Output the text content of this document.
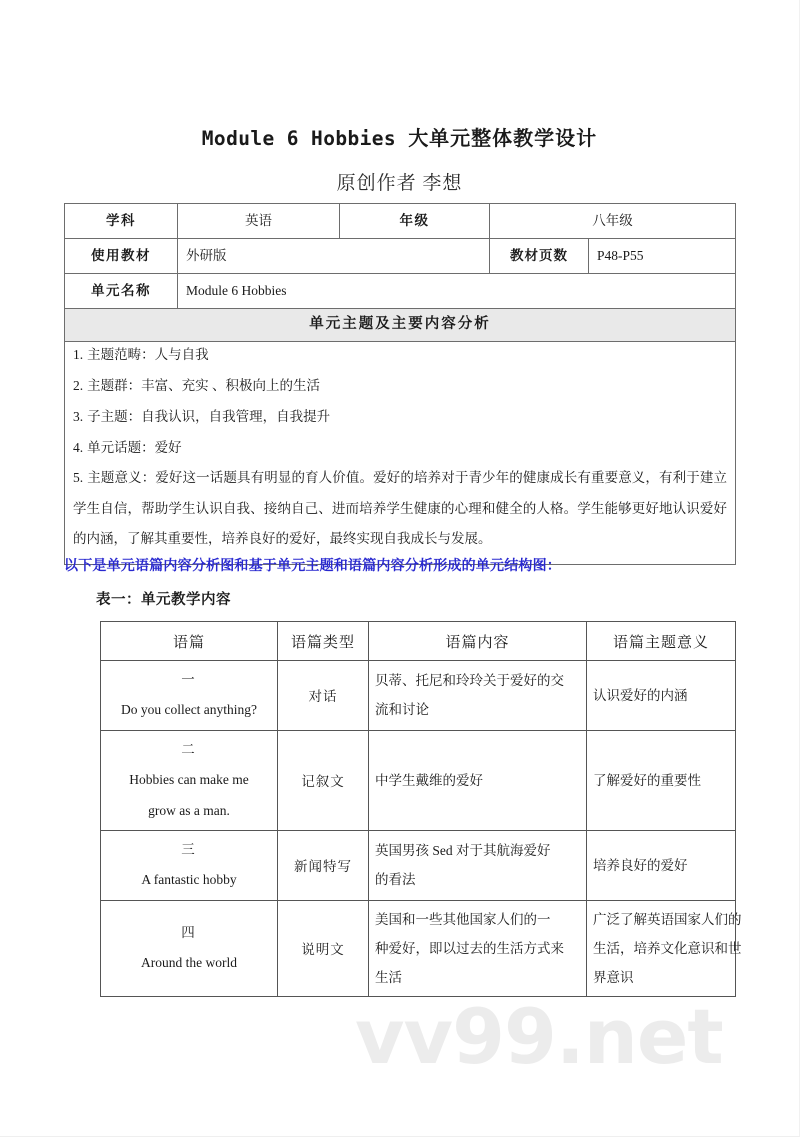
vv99.net
Module 6 Hobbies 大单元整体教学设计
原创作者 李想
学科	英语	年级	八年级
使用教材	外研版		教材页数	P48-P55

单元名称	Module 6 Hobbies
单元主题及主要内容分析

1. 主题范畴：人与自我

2. 主题群：丰富、充实 、积极向上的生活

3. 子主题：自我认识，自我管理，自我提升

4. 单元话题：爱好

5. 主题意义：爱好这一话题具有明显的育人价值。爱好的培养对于青少年的健康成长有重要意义，有利于建立学生自信，帮助学生认识自我、接纳自己、进而培养学生健康的心理和健全的人格。学生能够更好地认识爱好的内涵，了解其重要性，培养良好的爱好，最终实现自我成长与发展。

以下是单元语篇内容分析图和基于单元主题和语篇内容分析形成的单元结构图：
表一：单元教学内容
语篇	语篇类型	语篇内容	语篇主题意义

一
Do you collect anything?	对话	贝蒂、托尼和玲玲关于爱好的交
流和讨论	认识爱好的内涵

二
Hobbies can make me
grow as a man.	记叙文	中学生戴维的爱好	了解爱好的重要性

三
A fantastic hobby	新闻特写	英国男孩 Sed 对于其航海爱好
的看法	培养良好的爱好

四
Around the world	说明文	美国和一些其他国家人们的一
种爱好，即以过去的生活方式来
生活	广泛了解英语国家人们的
生活，培养文化意识和世
界意识
